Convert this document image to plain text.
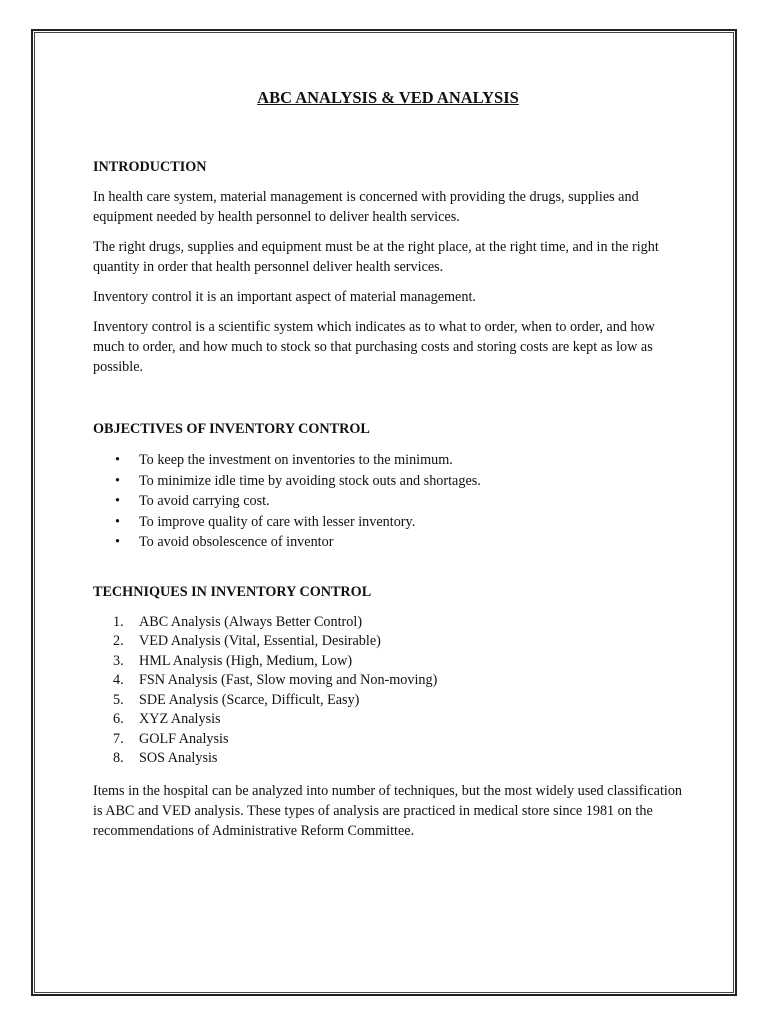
ABC ANALYSIS & VED ANALYSIS
INTRODUCTION

In health care system, material management is concerned with providing the drugs, supplies and equipment needed by health personnel to deliver health services.

The right drugs, supplies and equipment must be at the right place, at the right time, and in the right quantity in order that health personnel deliver health services.

Inventory control it is an important aspect of material management.

Inventory control is a scientific system which indicates as to what to order, when to order, and how much to order, and how much to stock so that purchasing costs and storing costs are kept as low as possible.

OBJECTIVES OF INVENTORY CONTROL
• To keep the investment on inventories to the minimum.
• To minimize idle time by avoiding stock outs and shortages.
• To avoid carrying cost.
• To improve quality of care with lesser inventory.
• To avoid obsolescence of inventor
TECHNIQUES IN INVENTORY CONTROL
1. ABC Analysis (Always Better Control)
2. VED Analysis (Vital, Essential, Desirable)
3. HML Analysis (High, Medium, Low)
4. FSN Analysis (Fast, Slow moving and Non-moving)
5. SDE Analysis (Scarce, Difficult, Easy)
6. XYZ Analysis
7. GOLF Analysis
8. SOS Analysis

Items in the hospital can be analyzed into number of techniques, but the most widely used classification is ABC and VED analysis. These types of analysis are practiced in medical store since 1981 on the recommendations of Administrative Reform Committee.
